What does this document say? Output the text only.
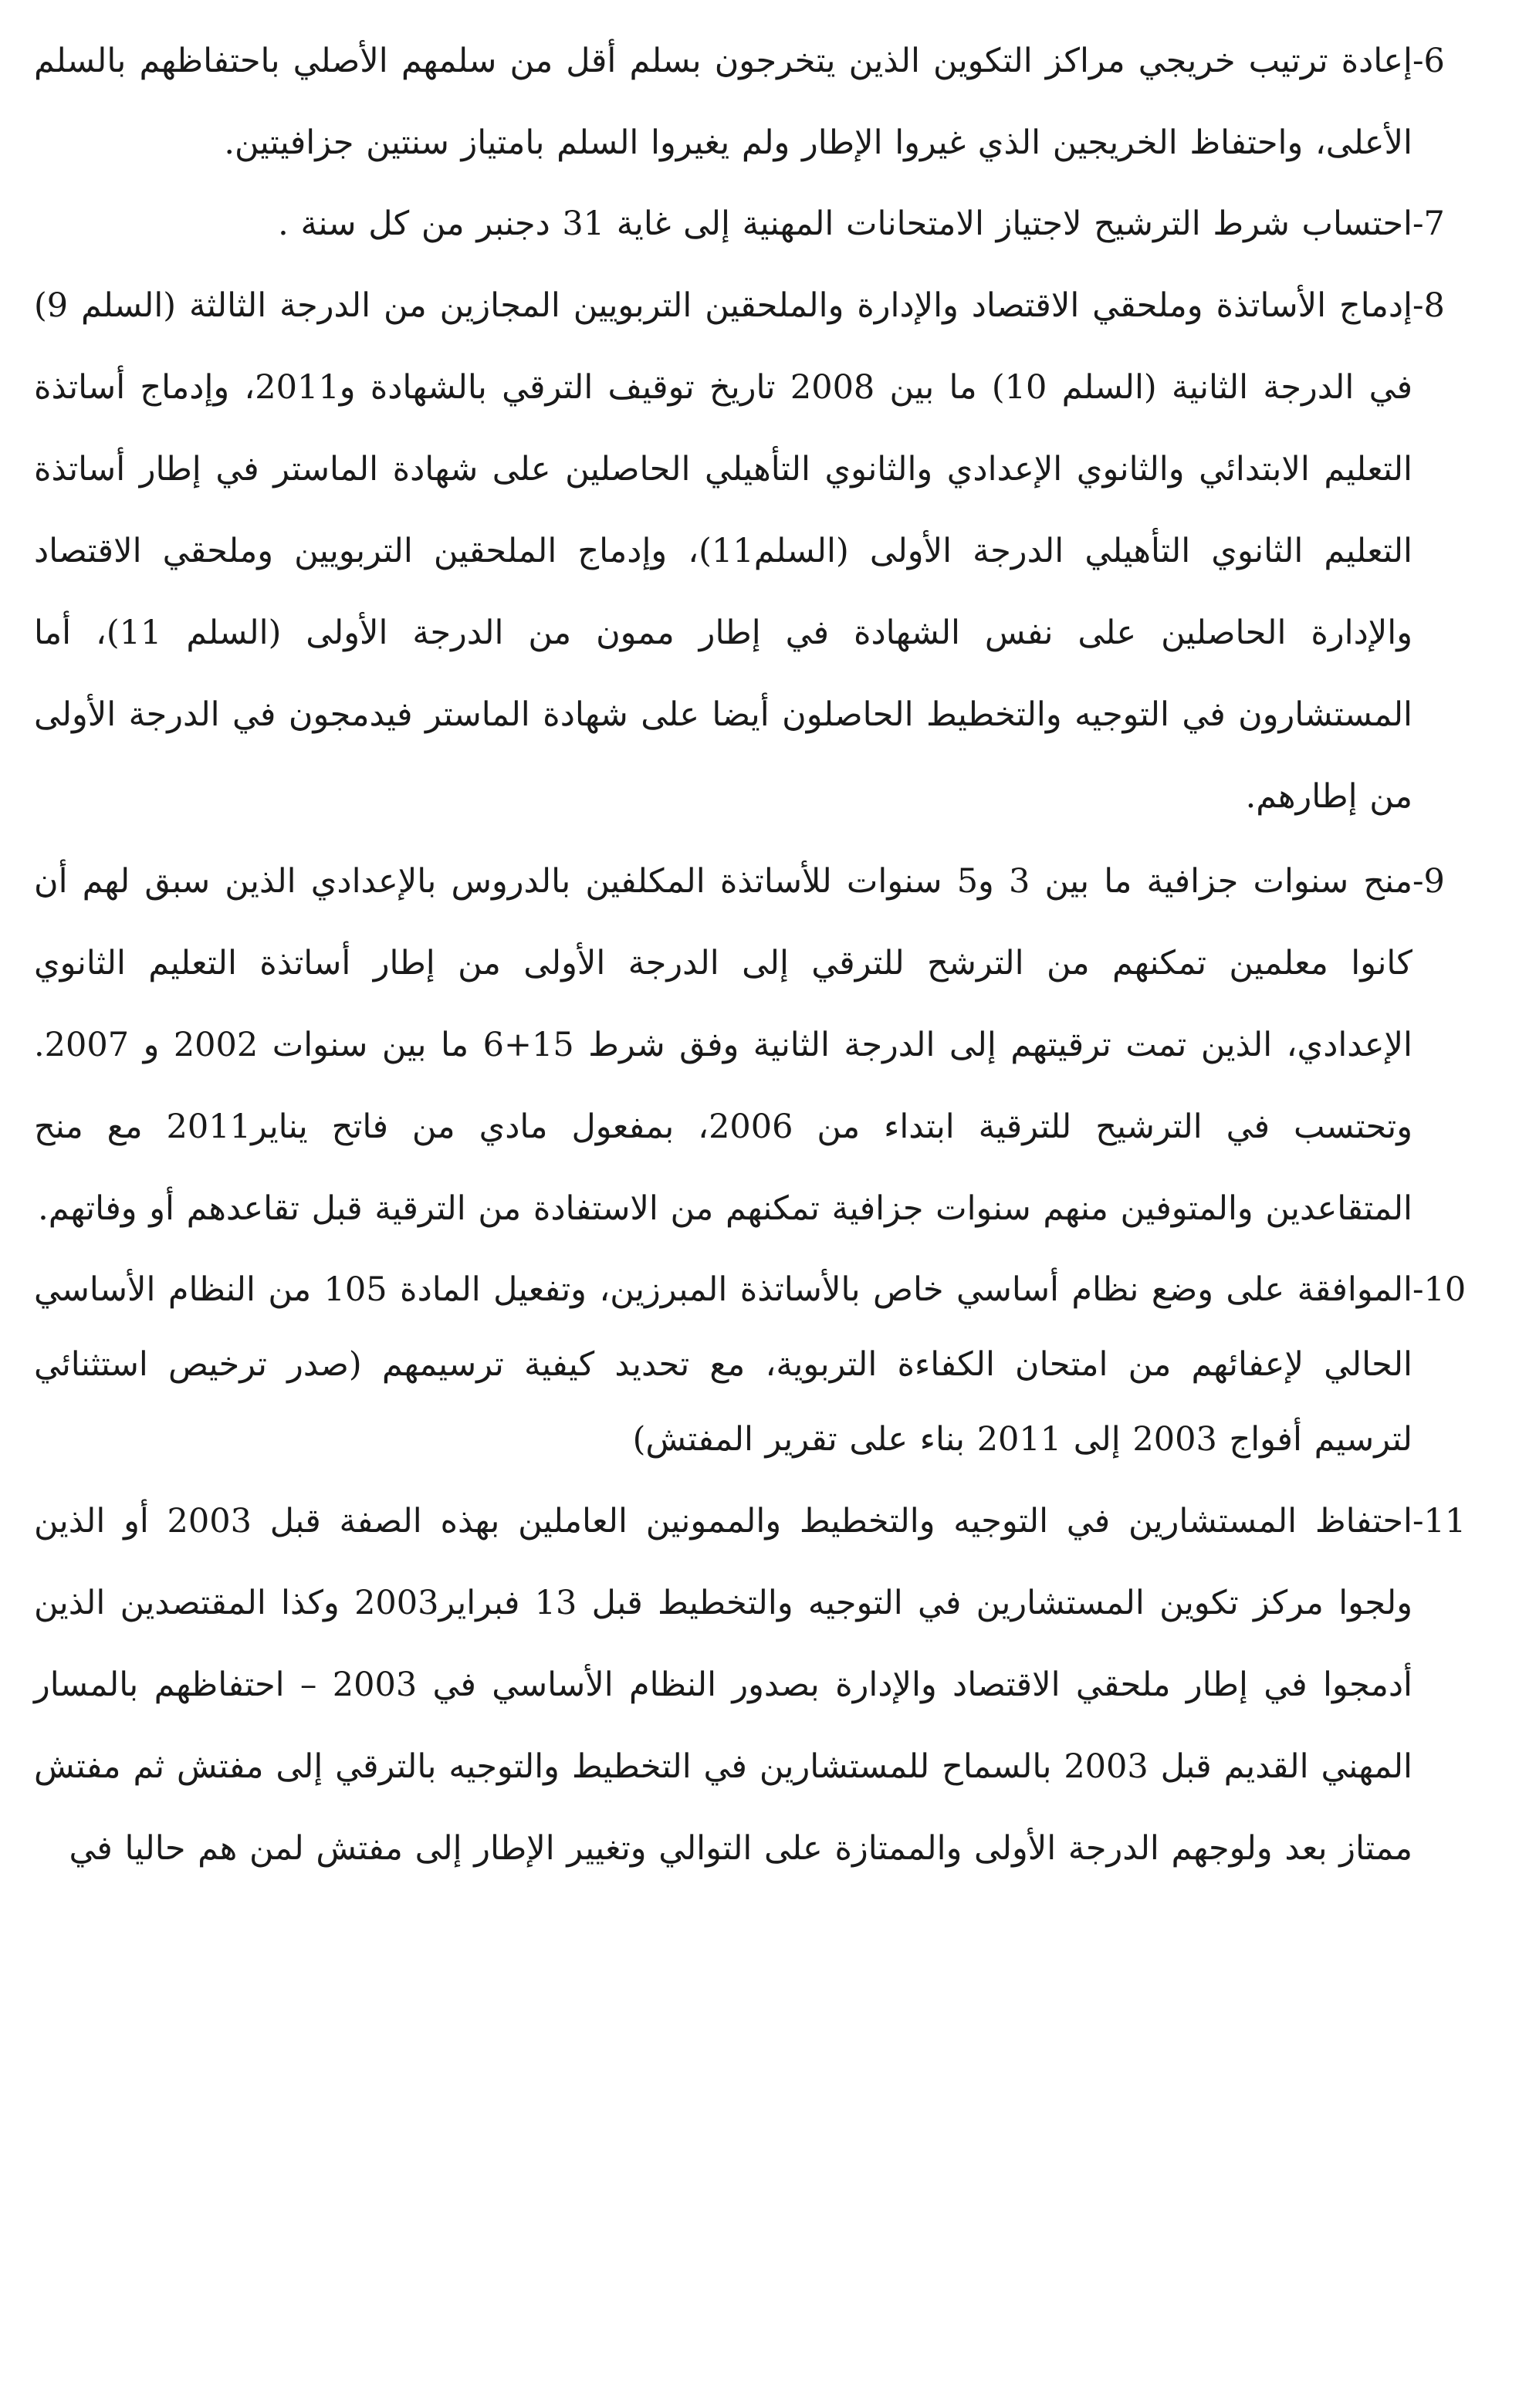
-6

إعادة ترتيب خريجي مراكز التكوين الذين يتخرجون بسلم أقل من سلمهم الأصلي باحتفاظهم بالسلم الأعلى، واحتفاظ الخريجين الذي غيروا الإطار ولم يغيروا السلم بامتياز سنتين جزافيتين.

-7

احتساب شرط الترشيح لاجتياز الامتحانات المهنية إلى غاية 31 دجنبر من كل سنة .

-8

إدماج الأساتذة وملحقي الاقتصاد والإدارة والملحقين التربويين المجازين من الدرجة الثالثة (السلم 9) في الدرجة الثانية (السلم 10) ما بين 2008 تاريخ توقيف الترقي بالشهادة و2011، وإدماج أساتذة التعليم الابتدائي والثانوي الإعدادي والثانوي التأهيلي الحاصلين على شهادة الماستر في إطار أساتذة التعليم الثانوي التأهيلي الدرجة الأولى (السلم11)، وإدماج الملحقين التربويين وملحقي الاقتصاد والإدارة الحاصلين على نفس الشهادة في إطار ممون من الدرجة الأولى (السلم 11)، أما المستشارون في التوجيه والتخطيط الحاصلون أيضا على شهادة الماستر فيدمجون في الدرجة الأولى من إطارهم.

-9

منح سنوات جزافية ما بين 3 و5 سنوات للأساتذة المكلفين بالدروس بالإعدادي الذين سبق لهم أن كانوا معلمين تمكنهم من الترشح للترقي إلى الدرجة الأولى من إطار أساتذة التعليم الثانوي الإعدادي، الذين تمت ترقيتهم إلى الدرجة الثانية وفق شرط 15+6 ما بين سنوات 2002 و 2007. وتحتسب في الترشيح للترقية ابتداء من 2006، بمفعول مادي من فاتح يناير2011 مع منح المتقاعدين والمتوفين منهم سنوات جزافية تمكنهم من الاستفادة من الترقية قبل تقاعدهم أو وفاتهم.

-10

الموافقة على وضع نظام أساسي خاص بالأساتذة المبرزين، وتفعيل المادة 105 من النظام الأساسي الحالي لإعفائهم من امتحان الكفاءة التربوية، مع تحديد كيفية ترسيمهم (صدر ترخيص استثنائي لترسيم أفواج 2003 إلى 2011 بناء على تقرير المفتش)

-11

احتفاظ المستشارين في التوجيه والتخطيط والممونين العاملين بهذه الصفة قبل 2003 أو الذين ولجوا مركز تكوين المستشارين في التوجيه والتخطيط قبل 13 فبراير2003 وكذا المقتصدين الذين أدمجوا في إطار ملحقي الاقتصاد والإدارة بصدور النظام الأساسي في 2003 – احتفاظهم بالمسار المهني القديم قبل 2003 بالسماح للمستشارين في التخطيط والتوجيه بالترقي إلى مفتش ثم مفتش ممتاز بعد ولوجهم الدرجة الأولى والممتازة على التوالي وتغيير الإطار إلى مفتش لمن هم حاليا في
